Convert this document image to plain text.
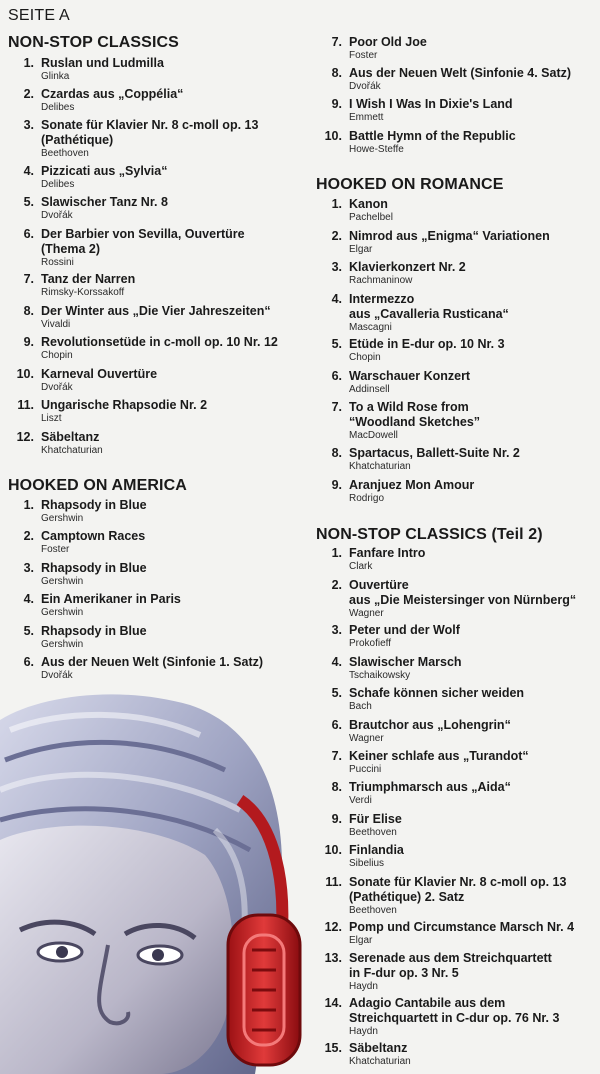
SEITE A
NON-STOP CLASSICS
1. Ruslan und Ludmilla
Glinka
2. Czardas aus „Coppélia“
Delibes
3. Sonate für Klavier Nr. 8 c-moll op. 13
(Pathétique)
Beethoven
4. Pizzicati aus „Sylvia“
Delibes
5. Slawischer Tanz Nr. 8
Dvořák
6. Der Barbier von Sevilla, Ouvertüre
(Thema 2)
Rossini
7. Tanz der Narren
Rimsky-Korssakoff
8. Der Winter aus „Die Vier Jahreszeiten“
Vivaldi
9. Revolutionsetüde in c-moll op. 10 Nr. 12
Chopin
10. Karneval Ouvertüre
Dvořák
11. Ungarische Rhapsodie Nr. 2
Liszt
12. Säbeltanz
Khatchaturian
HOOKED ON AMERICA
1. Rhapsody in Blue
Gershwin
2. Camptown Races
Foster
3. Rhapsody in Blue
Gershwin
4. Ein Amerikaner in Paris
Gershwin
5. Rhapsody in Blue
Gershwin
6. Aus der Neuen Welt (Sinfonie 1. Satz)
Dvořák
7. Poor Old Joe
Foster
8. Aus der Neuen Welt (Sinfonie 4. Satz)
Dvořák
9. I Wish I Was In Dixie's Land
Emmett
10. Battle Hymn of the Republic
Howe-Steffe
HOOKED ON ROMANCE
1. Kanon
Pachelbel
2. Nimrod aus „Enigma“ Variationen
Elgar
3. Klavierkonzert Nr. 2
Rachmaninow
4. Intermezzo
aus „Cavalleria Rusticana“
Mascagni
5. Etüde in E-dur op. 10 Nr. 3
Chopin
6. Warschauer Konzert
Addinsell
7. To a Wild Rose from
“Woodland Sketches”
MacDowell
8. Spartacus, Ballett-Suite Nr. 2
Khatchaturian
9. Aranjuez Mon Amour
Rodrigo
NON-STOP CLASSICS (Teil 2)
1. Fanfare Intro
Clark
2. Ouvertüre
aus „Die Meistersinger von Nürnberg“
Wagner
3. Peter und der Wolf
Prokofieff
4. Slawischer Marsch
Tschaikowsky
5. Schafe können sicher weiden
Bach
6. Brautchor aus „Lohengrin“
Wagner
7. Keiner schlafe aus „Turandot“
Puccini
8. Triumphmarsch aus „Aida“
Verdi
9. Für Elise
Beethoven
10. Finlandia
Sibelius
11. Sonate für Klavier Nr. 8 c-moll op. 13
(Pathétique) 2. Satz
Beethoven
12. Pomp und Circumstance Marsch Nr. 4
Elgar
13. Serenade aus dem Streichquartett
in F-dur op. 3 Nr. 5
Haydn
14. Adagio Cantabile aus dem
Streichquartett in C-dur op. 76 Nr. 3
Haydn
15. Säbeltanz
Khatchaturian
